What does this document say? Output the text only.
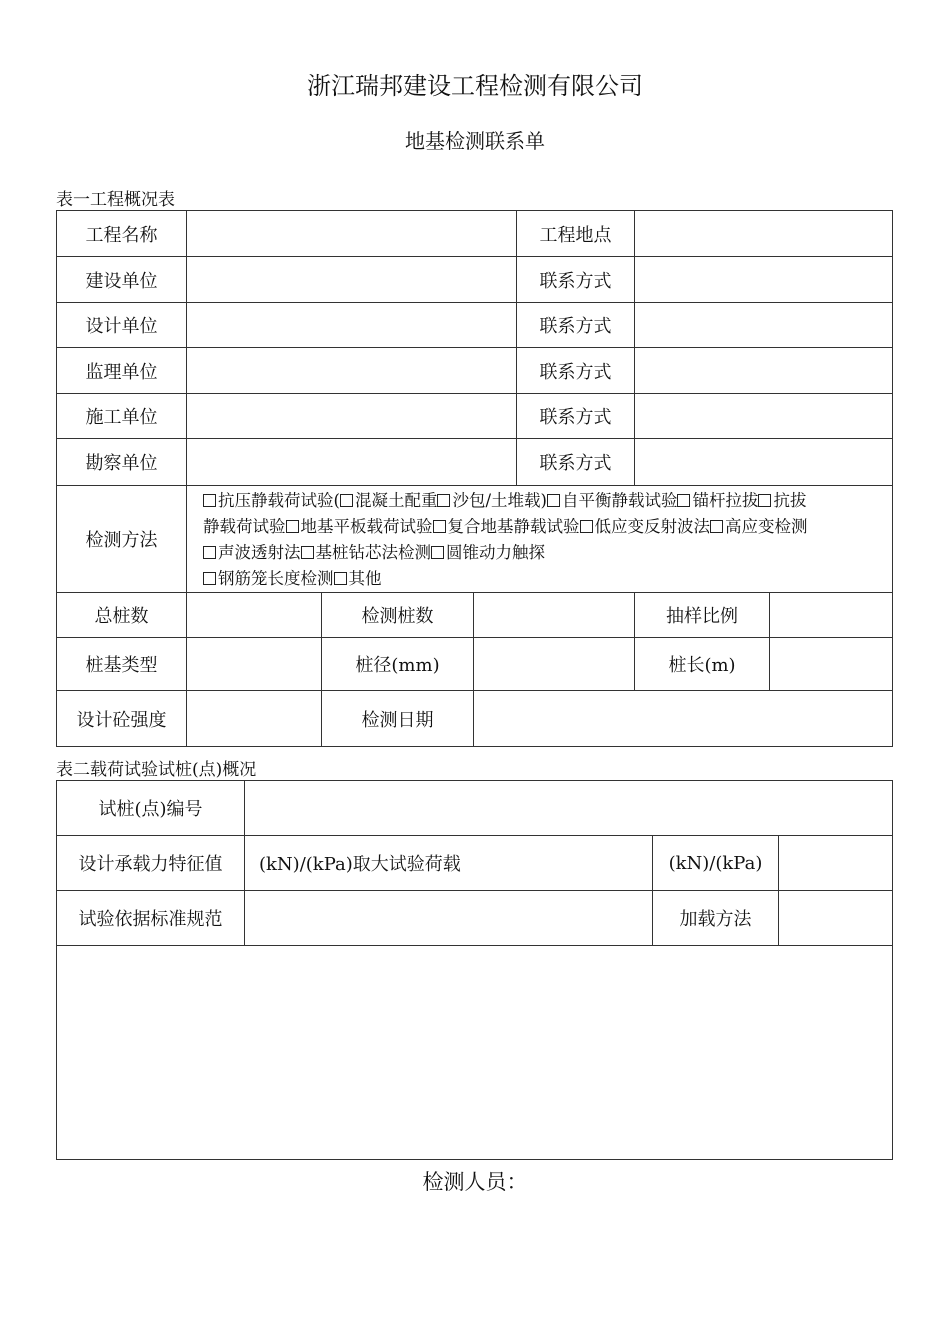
浙江瑞邦建设工程检测有限公司
地基检测联系单
表一工程概况表
工程名称				工程地点		
建设单位				联系方式		
设计单位				联系方式		
监理单位				联系方式		
施工单位				联系方式		
勘察单位				联系方式		
检测方法	抗压静载荷试验( 混凝土配重 沙包/土堆载) 自平衡静载试验 锚杆拉拔 抗拔
静载荷试验 地基平板载荷试验 复合地基静载试验 低应变反射波法 高应变检测
声波透射法 基桩钻芯法检测 圆锥动力触探
钢筋笼长度检测 其他					

总桩数		检测桩数			抽样比例	
桩基类型		桩径(mm)			桩长(m)	
设计砼强度		检测日期				
表二载荷试验试桩(点)概况
试桩(点)编号			
设计承载力特征值	(kN)/(kPa)取大试验荷载	(kN)/(kPa)	
试验依据标准规范		加载方法	

检测人员：
